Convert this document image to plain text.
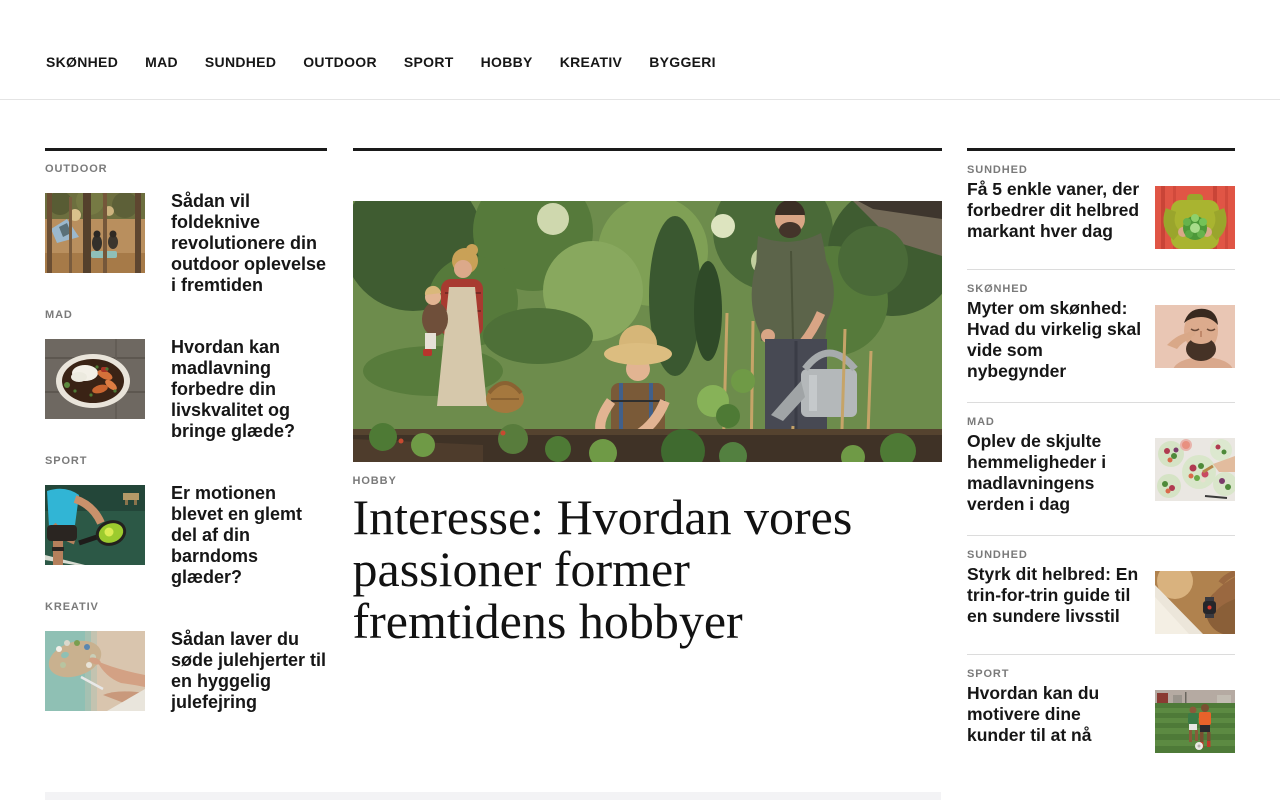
SKØNHED MAD SUNDHED OUTDOOR SPORT HOBBY KREATIV BYGGERI
OUTDOOR
Sådan vil foldeknive revolutionere din outdoor oplevelse i fremtiden
MAD
Hvordan kan madlavning forbedre din livskvalitet og bringe glæde?
SPORT
Er motionen blevet en glemt del af din barndoms glæder?
KREATIV
Sådan laver du søde julehjerter til en hyggelig julefejring
HOBBY
Interesse: Hvordan vores passioner former fremtidens hobbyer
SUNDHED
Få 5 enkle vaner, der forbedrer dit helbred markant hver dag
SKØNHED
Myter om skønhed: Hvad du virkelig skal vide som nybegynder
MAD
Oplev de skjulte hemmeligheder i madlavningens verden i dag
SUNDHED
Styrk dit helbred: En trin-for-trin guide til en sundere livsstil
SPORT
Hvordan kan du motivere dine kunder til at nå
